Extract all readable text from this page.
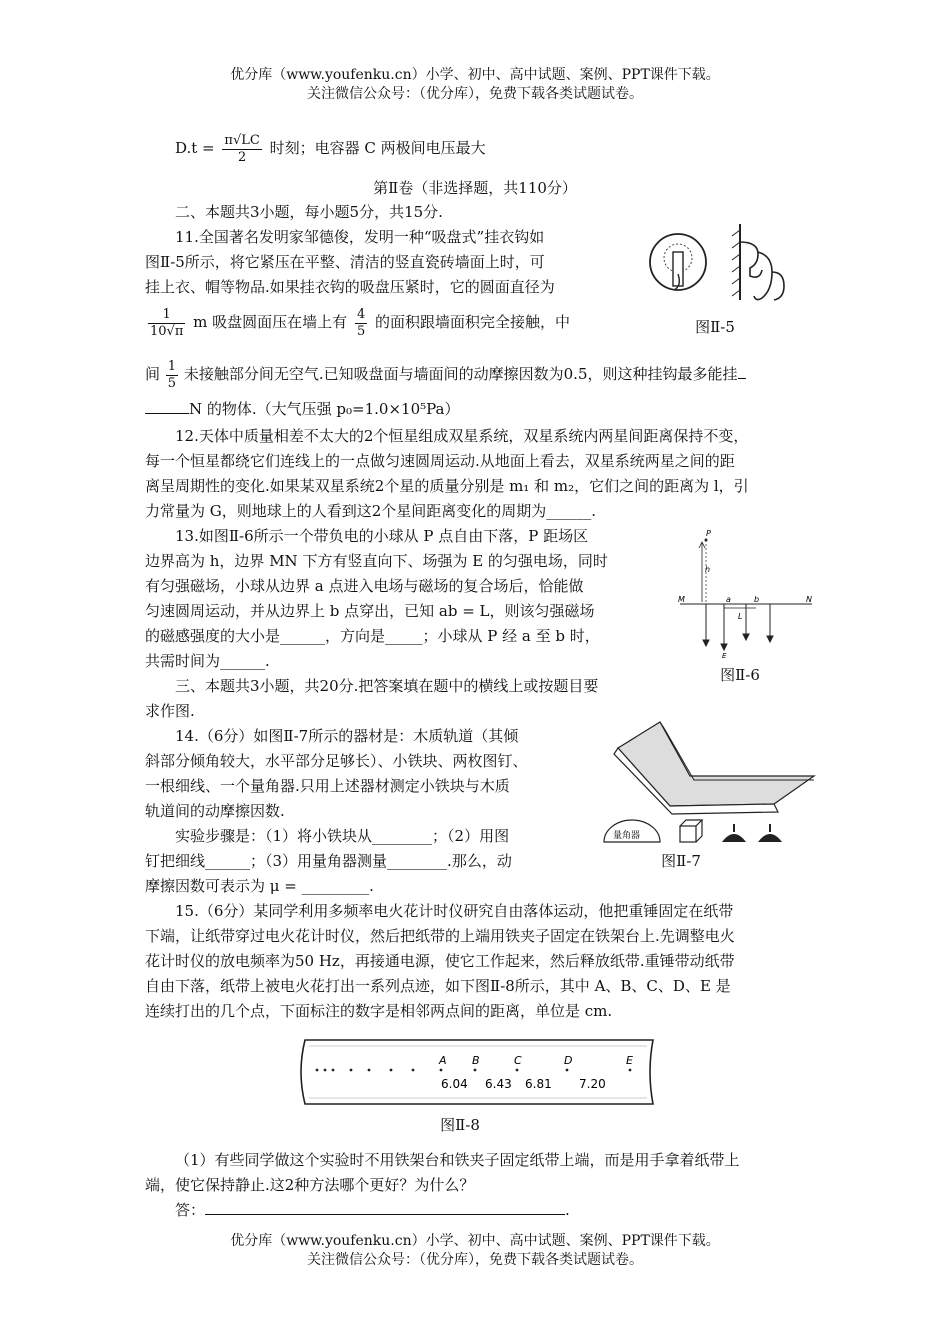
优分库（www.youfenku.cn）小学、初中、高中试题、案例、PPT课件下载。
关注微信公众号：（优分库），免费下载各类试题试卷。
$D.t = \frac{\pi√LC}{2}$ 时刻；电容器 C 两极间电压最大
第Ⅱ卷（非选择题，共110分）
二、本题共3小题，每小题5分，共15分.
11.全国著名发明家邹德俊，发明一种“吸盘式”挂衣钩如
图Ⅱ-5所示，将它紧压在平整、清洁的竖直瓷砖墙面上时，可
挂上衣、帽等物品.如果挂衣钩的吸盘压紧时，它的圆面直径为
$\frac{1}{10√\pi}$ m 吸盘圆面压在墙上有 $\frac{4}{5}$ 的面积跟墙面积完全接触，中
间 $\frac{1}{5}$ 未接触部分间无空气.已知吸盘面与墙面间的动摩擦因数为0.5，则这种挂钩最多能挂
N 的物体.（大气压强 p₀=1.0×10⁵Pa）
图Ⅱ-5
12.天体中质量相差不太大的2个恒星组成双星系统，双星系统内两星间距离保持不变，
每一个恒星都绕它们连线上的一点做匀速圆周运动.从地面上看去，双星系统两星之间的距
离呈周期性的变化.如果某双星系统2个星的质量分别是 m₁ 和 m₂，它们之间的距离为 l，引
力常量为 G，则地球上的人看到这2个星间距离变化的周期为______.
13.如图Ⅱ-6所示一个带负电的小球从 P 点自由下落，P 距场区
边界高为 h，边界 MN 下方有竖直向下、场强为 E 的匀强电场，同时
有匀强磁场，小球从边界 a 点进入电场与磁场的复合场后，恰能做
匀速圆周运动，并从边界上 b 点穿出，已知 ab = L，则该匀强磁场
的磁感强度的大小是______，方向是_____；小球从 P 经 a 至 b 时，
共需时间为______.
P
h
M	N
a	b
L
E
图Ⅱ-6
三、本题共3小题，共20分.把答案填在题中的横线上或按题目要
求作图.
14.（6分）如图Ⅱ-7所示的器材是：木质轨道（其倾
斜部分倾角较大，水平部分足够长）、小铁块、两枚图钉、
一根细线、一个量角器.只用上述器材测定小铁块与木质
轨道间的动摩擦因数.
实验步骤是：（1）将小铁块从________；（2）用图
钉把细线______；（3）用量角器测量________.那么，动
摩擦因数可表示为 μ = _________.
量角器
图Ⅱ-7
15.（6分）某同学利用多频率电火花计时仪研究自由落体运动，他把重锤固定在纸带
下端，让纸带穿过电火花计时仪，然后把纸带的上端用铁夹子固定在铁架台上.先调整电火
花计时仪的放电频率为50 Hz，再接通电源，使它工作起来，然后释放纸带.重锤带动纸带
自由下落，纸带上被电火花打出一系列点迹，如下图Ⅱ-8所示，其中 A、B、C、D、E 是
连续打出的几个点，下面标注的数字是相邻两点间的距离，单位是 cm.
A B	C	D	E
6.04 6.43 6.81 7.20
图Ⅱ-8
（1）有些同学做这个实验时不用铁架台和铁夹子固定纸带上端，而是用手拿着纸带上
端，使它保持静止.这2种方法哪个更好？为什么？
答：	.
优分库（www.youfenku.cn）小学、初中、高中试题、案例、PPT课件下载。
关注微信公众号：（优分库），免费下载各类试题试卷。
